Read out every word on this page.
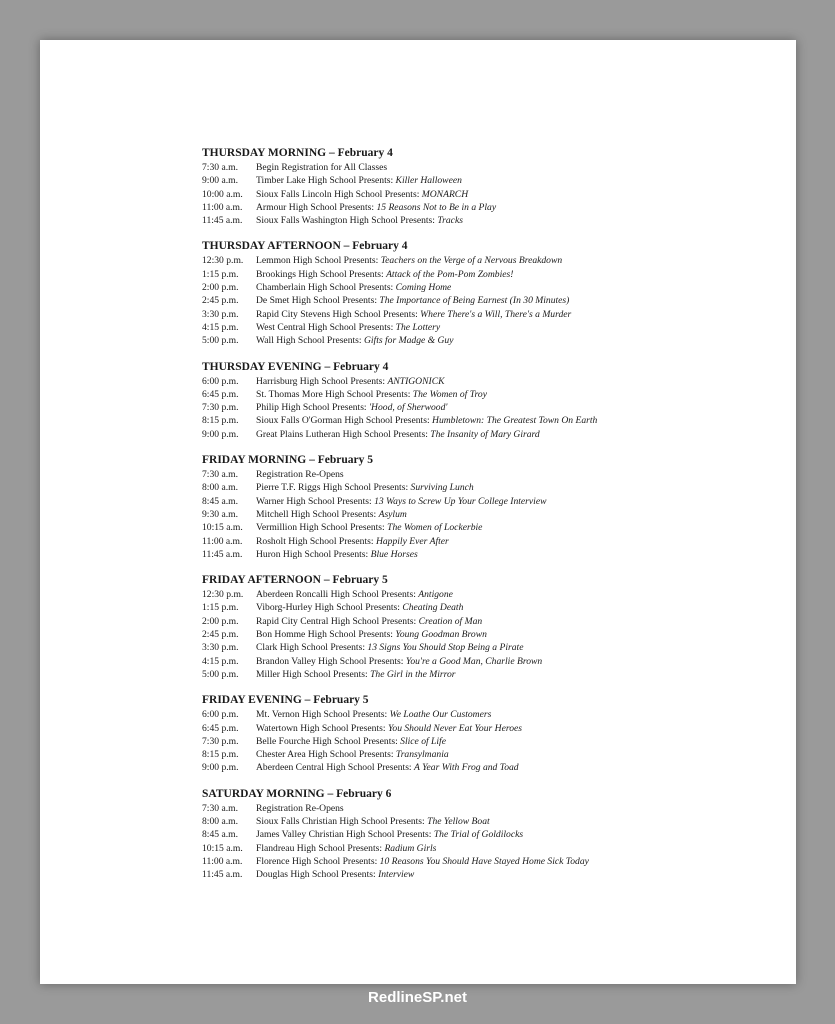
THURSDAY MORNING – February 4
7:30 a.m.	Begin Registration for All Classes
9:00 a.m.	Timber Lake High School Presents: Killer Halloween
10:00 a.m.	Sioux Falls Lincoln High School Presents: MONARCH
11:00 a.m.	Armour High School Presents: 15 Reasons Not to Be in a Play
11:45 a.m.	Sioux Falls Washington High School Presents: Tracks
THURSDAY AFTERNOON – February 4
12:30 p.m.	Lemmon High School Presents: Teachers on the Verge of a Nervous Breakdown
1:15 p.m.	Brookings High School Presents: Attack of the Pom-Pom Zombies!
2:00 p.m.	Chamberlain High School Presents: Coming Home
2:45 p.m.	De Smet High School Presents: The Importance of Being Earnest (In 30 Minutes)
3:30 p.m.	Rapid City Stevens High School Presents: Where There's a Will, There's a Murder
4:15 p.m.	West Central High School Presents: The Lottery
5:00 p.m.	Wall High School Presents: Gifts for Madge & Guy
THURSDAY EVENING – February 4
6:00 p.m.	Harrisburg High School Presents: ANTIGONICK
6:45 p.m.	St. Thomas More High School Presents: The Women of Troy
7:30 p.m.	Philip High School Presents: 'Hood, of Sherwood'
8:15 p.m.	Sioux Falls O'Gorman High School Presents: Humbletown: The Greatest Town On Earth
9:00 p.m.	Great Plains Lutheran High School Presents: The Insanity of Mary Girard
FRIDAY MORNING – February 5
7:30 a.m.	Registration Re-Opens
8:00 a.m.	Pierre T.F. Riggs High School Presents: Surviving Lunch
8:45 a.m.	Warner High School Presents: 13 Ways to Screw Up Your College Interview
9:30 a.m.	Mitchell High School Presents: Asylum
10:15 a.m.	Vermillion High School Presents: The Women of Lockerbie
11:00 a.m.	Rosholt High School Presents: Happily Ever After
11:45 a.m.	Huron High School Presents: Blue Horses
FRIDAY AFTERNOON – February 5
12:30 p.m.	Aberdeen Roncalli High School Presents: Antigone
1:15 p.m.	Viborg-Hurley High School Presents: Cheating Death
2:00 p.m.	Rapid City Central High School Presents: Creation of Man
2:45 p.m.	Bon Homme High School Presents: Young Goodman Brown
3:30 p.m.	Clark High School Presents: 13 Signs You Should Stop Being a Pirate
4:15 p.m.	Brandon Valley High School Presents: You're a Good Man, Charlie Brown
5:00 p.m.	Miller High School Presents: The Girl in the Mirror
FRIDAY EVENING – February 5
6:00 p.m.	Mt. Vernon High School Presents: We Loathe Our Customers
6:45 p.m.	Watertown High School Presents: You Should Never Eat Your Heroes
7:30 p.m.	Belle Fourche High School Presents: Slice of Life
8:15 p.m.	Chester Area High School Presents: Transylmania
9:00 p.m.	Aberdeen Central High School Presents: A Year With Frog and Toad
SATURDAY MORNING – February 6
7:30 a.m.	Registration Re-Opens
8:00 a.m.	Sioux Falls Christian High School Presents: The Yellow Boat
8:45 a.m.	James Valley Christian High School Presents: The Trial of Goldilocks
10:15 a.m.	Flandreau High School Presents: Radium Girls
11:00 a.m.	Florence High School Presents: 10 Reasons You Should Have Stayed Home Sick Today
11:45 a.m.	Douglas High School Presents: Interview
RedlineSP.net
